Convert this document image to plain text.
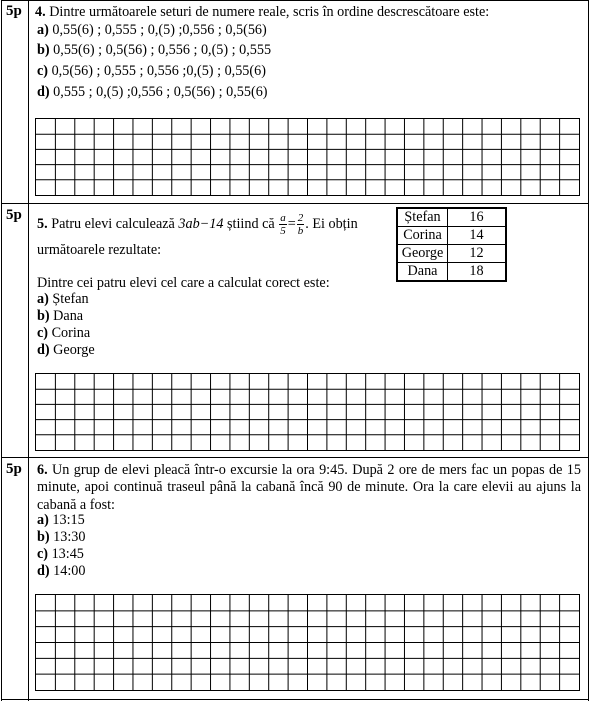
5p 4. Dintre următoarele seturi de numere reale, scris în ordine descrescătoare este:
a) 0,55(6) ; 0,555 ; 0,(5) ;0,556 ; 0,5(56)
b) 0,55(6) ; 0,5(56) ; 0,556 ; 0,(5) ; 0,555
c) 0,5(56) ; 0,555 ; 0,556 ;0,(5) ; 0,55(6)
d) 0,555 ; 0,(5) ;0,556 ; 0,5(56) ; 0,55(6)
5p
5. Patru elevi calculează 3ab−14 știind că $\frac{a}{5} = \frac{2}{b}$ . Ei obțin
următoarele rezultate:
Dintre cei patru elevi cel care a calculat corect este:
a) Ștefan
b) Dana
c) Corina
d) George
Ștefan	16
Corina	14
George	12
Dana	18
5p 6. Un grup de elevi pleacă într-o excursie la ora 9:45. După 2 ore de mers fac un popas de 15 minute, apoi continuă traseul până la cabană încă 90 de minute. Ora la care elevii au ajuns la cabană a fost:
a) 13:15
b) 13:30
c) 13:45
d) 14:00
